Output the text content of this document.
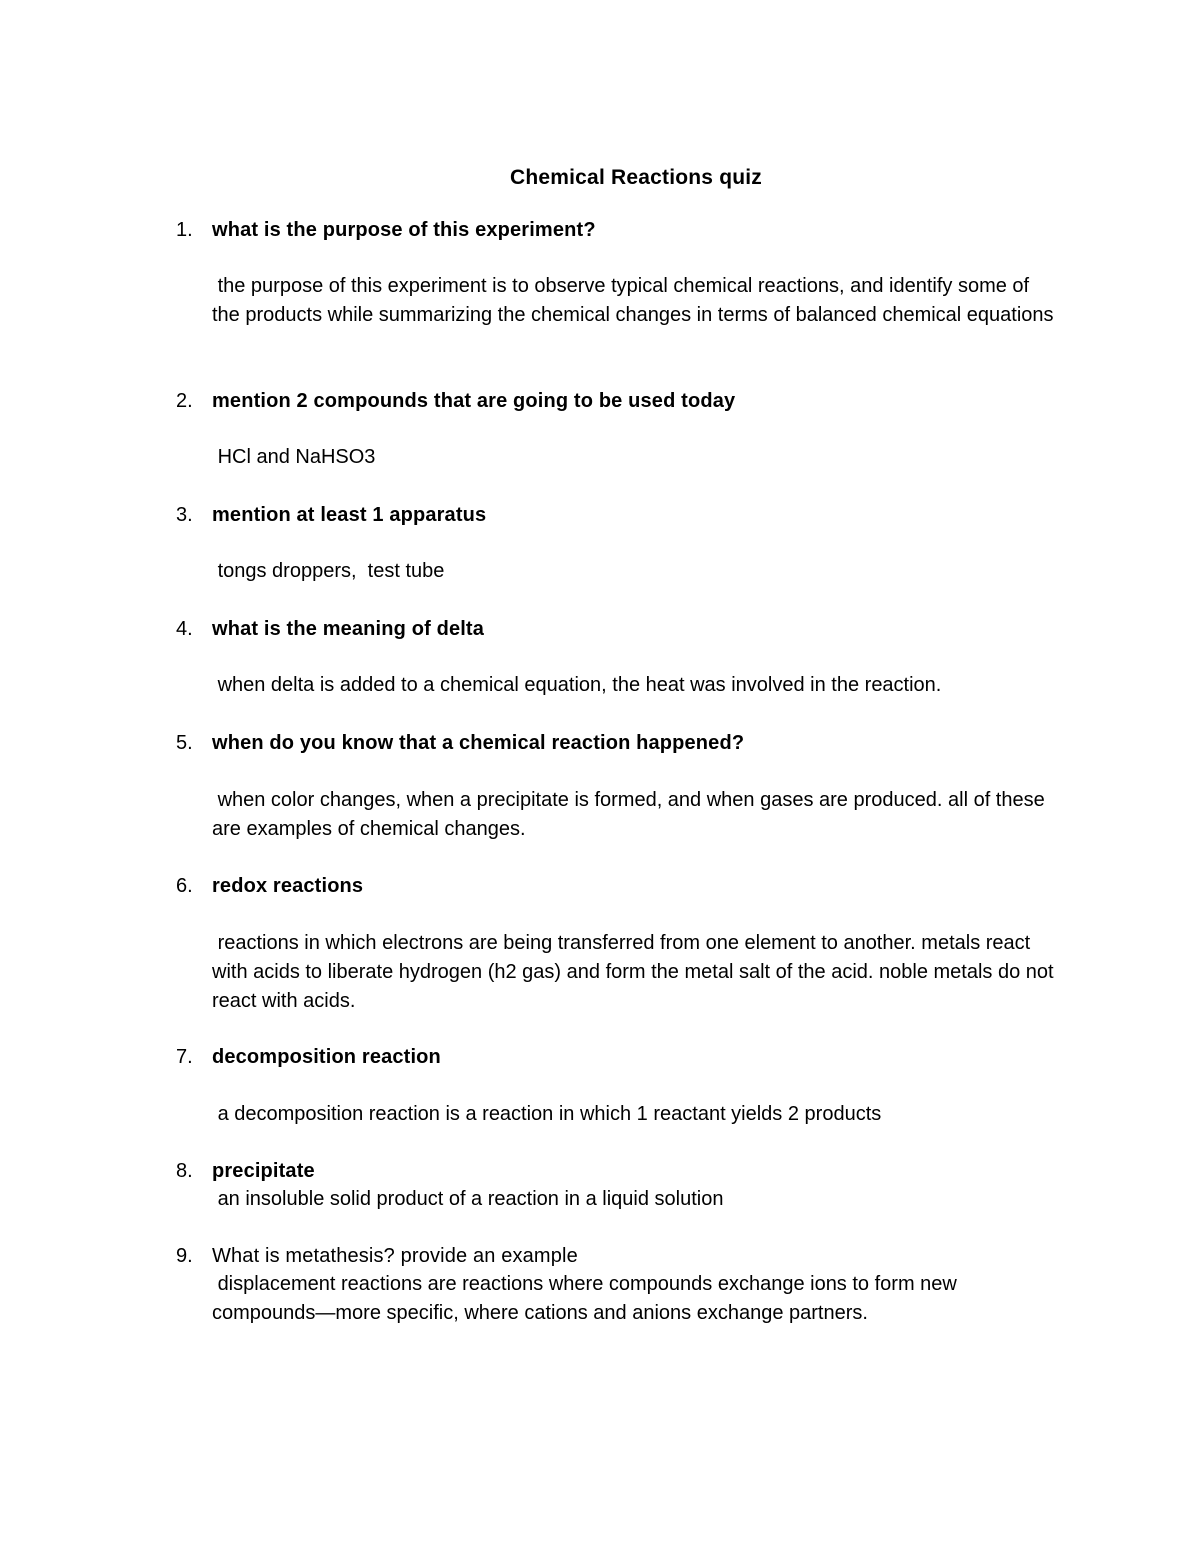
Chemical Reactions quiz
1. what is the purpose of this experiment?
the purpose of this experiment is to observe typical chemical reactions, and identify some of the products while summarizing the chemical changes in terms of balanced chemical equations
2. mention 2 compounds that are going to be used today
HCl and NaHSO3
3. mention at least 1 apparatus
tongs droppers,  test tube
4. what is the meaning of delta
when delta is added to a chemical equation, the heat was involved in the reaction.
5. when do you know that a chemical reaction happened?
when color changes, when a precipitate is formed, and when gases are produced. all of these are examples of chemical changes.
6. redox reactions
reactions in which electrons are being transferred from one element to another. metals react with acids to liberate hydrogen (h2 gas) and form the metal salt of the acid. noble metals do not react with acids.
7. decomposition reaction
a decomposition reaction is a reaction in which 1 reactant yields 2 products
8. precipitate
an insoluble solid product of a reaction in a liquid solution
9. What is metathesis? provide an example
displacement reactions are reactions where compounds exchange ions to form new compounds—more specific, where cations and anions exchange partners.
